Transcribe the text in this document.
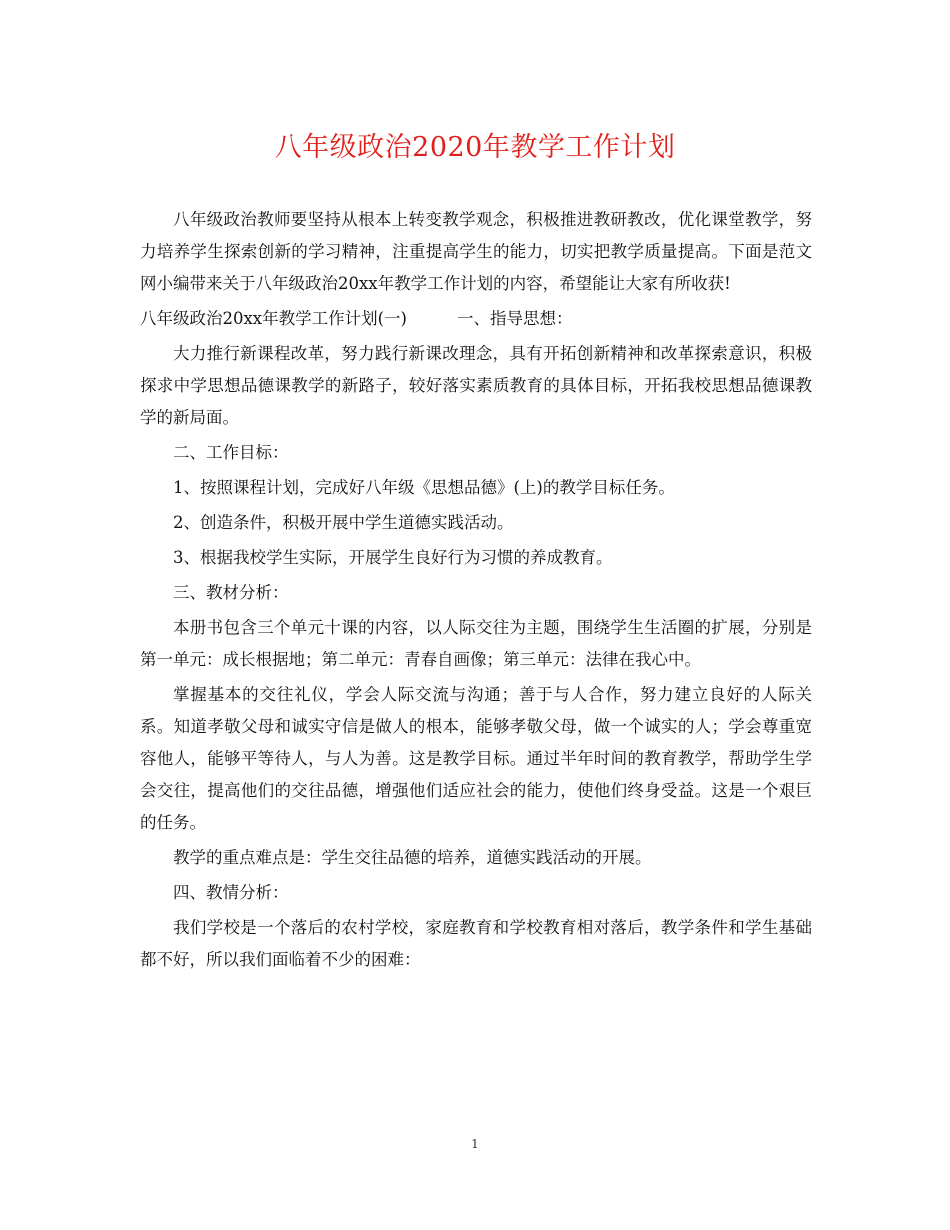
八年级政治2020年教学工作计划

八年级政治教师要坚持从根本上转变教学观念，积极推进教研教改，优化课堂教学，努力培养学生探索创新的学习精神，注重提高学生的能力，切实把教学质量提高。下面是范文网小编带来关于八年级政治20xx年教学工作计划的内容，希望能让大家有所收获!

八年级政治20xx年教学工作计划(一)	一、指导思想：

大力推行新课程改革，努力践行新课改理念，具有开拓创新精神和改革探索意识，积极探求中学思想品德课教学的新路子，较好落实素质教育的具体目标，开拓我校思想品德课教学的新局面。

二、工作目标：

1、按照课程计划，完成好八年级《思想品德》(上)的教学目标任务。

2、创造条件，积极开展中学生道德实践活动。

3、根据我校学生实际，开展学生良好行为习惯的养成教育。

三、教材分析：

本册书包含三个单元十课的内容，以人际交往为主题，围绕学生生活圈的扩展，分别是第一单元：成长根据地；第二单元：青春自画像；第三单元：法律在我心中。

掌握基本的交往礼仪，学会人际交流与沟通；善于与人合作，努力建立良好的人际关系。知道孝敬父母和诚实守信是做人的根本，能够孝敬父母，做一个诚实的人；学会尊重宽容他人，能够平等待人，与人为善。这是教学目标。通过半年时间的教育教学，帮助学生学会交往，提高他们的交往品德，增强他们适应社会的能力，使他们终身受益。这是一个艰巨的任务。

教学的重点难点是：学生交往品德的培养，道德实践活动的开展。

四、教情分析：

我们学校是一个落后的农村学校，家庭教育和学校教育相对落后，教学条件和学生基础都不好，所以我们面临着不少的困难：

1
